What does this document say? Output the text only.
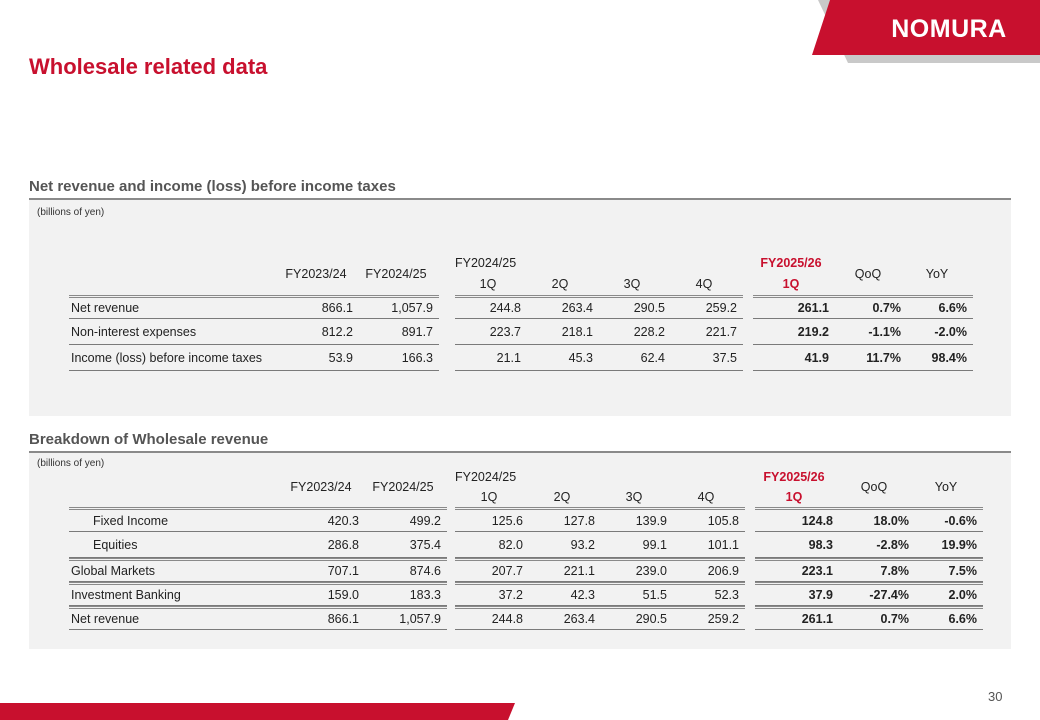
NOMURA
Wholesale related data
Net revenue and income (loss) before income taxes
(billions of yen)
	FY2023/24	FY2024/25		FY2024/25					FY2025/26	QoQ	YoY
				1Q	2Q	3Q	4Q		1Q		
Net revenue	866.1	1,057.9		244.8	263.4	290.5	259.2		261.1	0.7%	6.6%
Non-interest expenses	812.2	891.7		223.7	218.1	228.2	221.7		219.2	-1.1%	-2.0%
Income (loss) before income taxes	53.9	166.3		21.1	45.3	62.4	37.5		41.9	11.7%	98.4%
Breakdown of Wholesale revenue
(billions of yen)
	FY2023/24	FY2024/25		FY2024/25					FY2025/26	QoQ	YoY
				1Q	2Q	3Q	4Q		1Q		
Fixed Income	420.3	499.2		125.6	127.8	139.9	105.8		124.8	18.0%	-0.6%
Equities	286.8	375.4		82.0	93.2	99.1	101.1		98.3	-2.8%	19.9%
Global Markets	707.1	874.6		207.7	221.1	239.0	206.9		223.1	7.8%	7.5%
Investment Banking	159.0	183.3		37.2	42.3	51.5	52.3		37.9	-27.4%	2.0%
Net revenue	866.1	1,057.9		244.8	263.4	290.5	259.2		261.1	0.7%	6.6%
30
